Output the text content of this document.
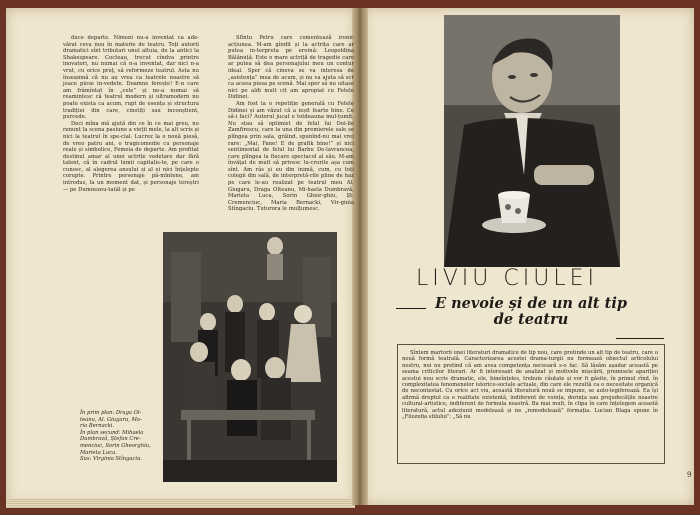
duce departe. Nimeni nu-a inventat ca ade-vărat ceva nou în materie de teatru. Toți autorii dramatici sînt tributari unul altuia, de la antici la Shakespeare. Cocteau, trecut cîndva printre inovatori, nu numai că n-a inventat, dar nici n-a vrut, cu orice preț, să reformeze teatrul. Asta nu înseamnă că nu au vrea ca teatrele noastre să joace piese in-vedete. Doamne ferește! E-n care am frămîntat în „cele” și ne-a numai să reamintesc că teatrul modern și ultramodern nu poate exista ca acum, rupt de esența și structura tradiției din care, cinstiți sau inconștient, purcede.

Deci mîna mă ajută din ce în ce mai greu, nu renunț la scena pasiune a vieții mele, la alt scris și nici la teatrul în spe-cial. Lucrez la o nouă piesă, de vreo patru ani, o tragicomedie cu personaje reale și simbolice, Femeia de departe. Am profitat destinul amar al unei actrițe vedetare dar fără talent, că în cadrul lumii capitalis-te, pe care o cunosc, al alegerea ansului și al ei nici înțelepte corupte. Printre personaje pă-mîntene, am introdus, la un moment dat, și personaje tereștri — pe Dumnezeu-tatăl și pe

Sfîntu Petru care comentează ironic acțiunea. M-am gîndit și la actrița care ar putea in-terpreta pe eroină: Leopoldina Bălănuță. Este o mare actriță de tragedie care ar putea să dea personajului meu un contur ideal. Sper că cineva se va interesa de „asistența” mea de acum, și nu va ajuta să scr ca aceea piesa pe scenă. Mai sper să nu uitase nici pe aldi mult cit am apropiat cu Fetele Didinei.

Am fost la o repetiție generală cu Fetele Didinei și am văzut că a ieșit foarte bine. Ce să-i faci? Autorul jucat e totdeauna mul-țumit. Nu stau să optimist de felul lui Doi-lie Zamfirescu, care la una din premierele sale se plîngea prin sala, grăind, spunînd-nu mai vrei rare: „Mai, Fane! E de grafik bine!” și nici sentimental de felul lui Barbu De-lavrancea, care plîngea la fiecare spectacol al său. M-am învățat de mult să privesc lu-crurile așa cum sînt. Am râs și eu din inimă, cum, cu toți colegii din sală, de interpretă-rile pline de haz pe care le-au realizat pe teatrul meu Al. Giugaru, Draga Olteanu, Mi-haela Dumbravă, Marieta Luca, Sorin Ghior-ghiu, Șt. Cremenciuc, Maria Bernacki, Vir-ginia Stîngaciu. Tuturora le mulțumesc.

În prim plan: Draga Ol-
teanu, Al. Giugaru, Ma-
ria Bernacki.
În plan secund: Mihaela
Dumbravă, Ștefan Cre-
menciuc, Sorin Gheorghiu,
Marieta Luca.
Sus: Virginia Stîngaciu.
LIVIU CIULEI
E nevoie și de un alt tip
de teatru

Sîntem martorii unei literaturi dramatice de tip nou, care pretinde un alt tip de teatru, care o nouă formă teatrală. Caracterizarea acestei drama-turgii nu formează obiectul articolului nostru, noi nu pretind că am avea competența necesară s-o fac. Să lăsăm așadar această pe seama criticilor literari. Ar fi interesant de analizat și motivele mișcării, premisele apariției acestui nou scris dramatic, ele, bineînțeles, trebuie căutate și vor fi găsite, în primul rînd, în complexitatea fenomenelor istorico-sociale actuale, din care ele rezultă ca o necesitate organică de necontestat. Cu orice act viu, această literatură nouă se impune, se auto-legiferează. Ea își afirmă dreptul ca o realitate existentă, indiferent de voința, dorința sau prejudecățile noastre cultural-artistice, indiferent de formula noastră. Ba mai mult, în clipa în care înțelegem această literatură, actul adeziunii modelează și ne „remodelează” formația. Lucian Blaga spune în „Filozofia stilului”: „Să nu

9
